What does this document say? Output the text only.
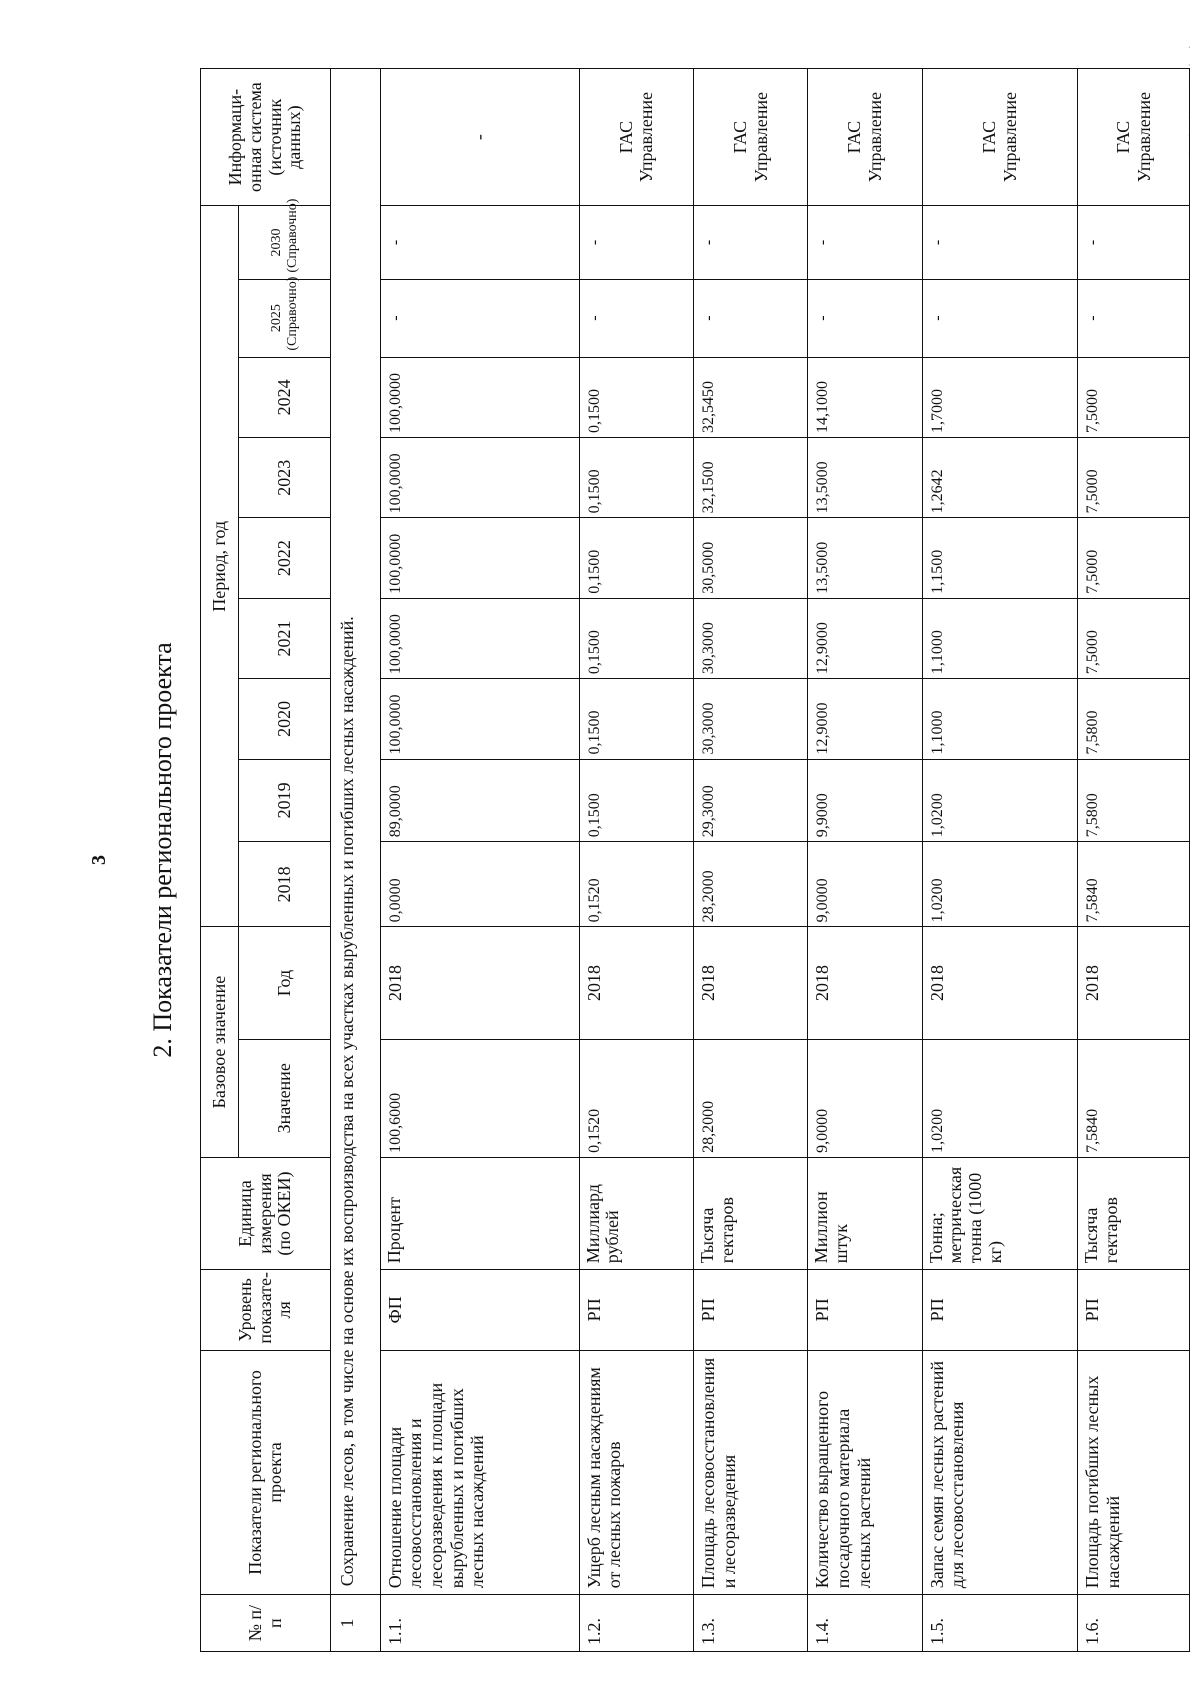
3 2. Показатели регионального проекта
· · ·   · · ·
№ п/п	Показатели регионального проекта	Уровень показате-ля	Единица измерения (по ОКЕИ)	Базовое значение		Период, год									Информаци-онная система (источник данных)
				Значение	Год	2018	2019	2020	2021	2022	2023	2024	2025 (Справочно)	2030 (Справочно)	
1	Сохранение лесов, в том числе на основе их воспроизводства на всех участках вырубленных и погибших лесных насаждений.														
1.1.	Отношение площади лесовосстановления и лесоразведения к площади вырубленных и погибших лесных насаждений	ФП	Процент	100,6000	2018	0,0000	89,0000	100,0000	100,0000	100,0000	100,0000	100,0000	-	-	-
1.2.	Ущерб лесным насаждениям от лесных пожаров	РП	Миллиард рублей	0,1520	2018	0,1520	0,1500	0,1500	0,1500	0,1500	0,1500	0,1500	-	-	ГАС Управление
1.3.	Площадь лесовосстановления и лесоразведения	РП	Тысяча гектаров	28,2000	2018	28,2000	29,3000	30,3000	30,3000	30,5000	32,1500	32,5450	-	-	ГАС Управление
1.4.	Количество выращенного посадочного материала лесных растений	РП	Миллион штук	9,0000	2018	9,0000	9,9000	12,9000	12,9000	13,5000	13,5000	14,1000	-	-	ГАС Управление
1.5.	Запас семян лесных растений для лесовосстановления	РП	Тонна; метрическая тонна (1000 кг)	1,0200	2018	1,0200	1,0200	1,1000	1,1000	1,1500	1,2642	1,7000	-	-	ГАС Управление
1.6.	Площадь погибших лесных насаждений	РП	Тысяча гектаров	7,5840	2018	7,5840	7,5800	7,5800	7,5000	7,5000	7,5000	7,5000	-	-	ГАС Управление
